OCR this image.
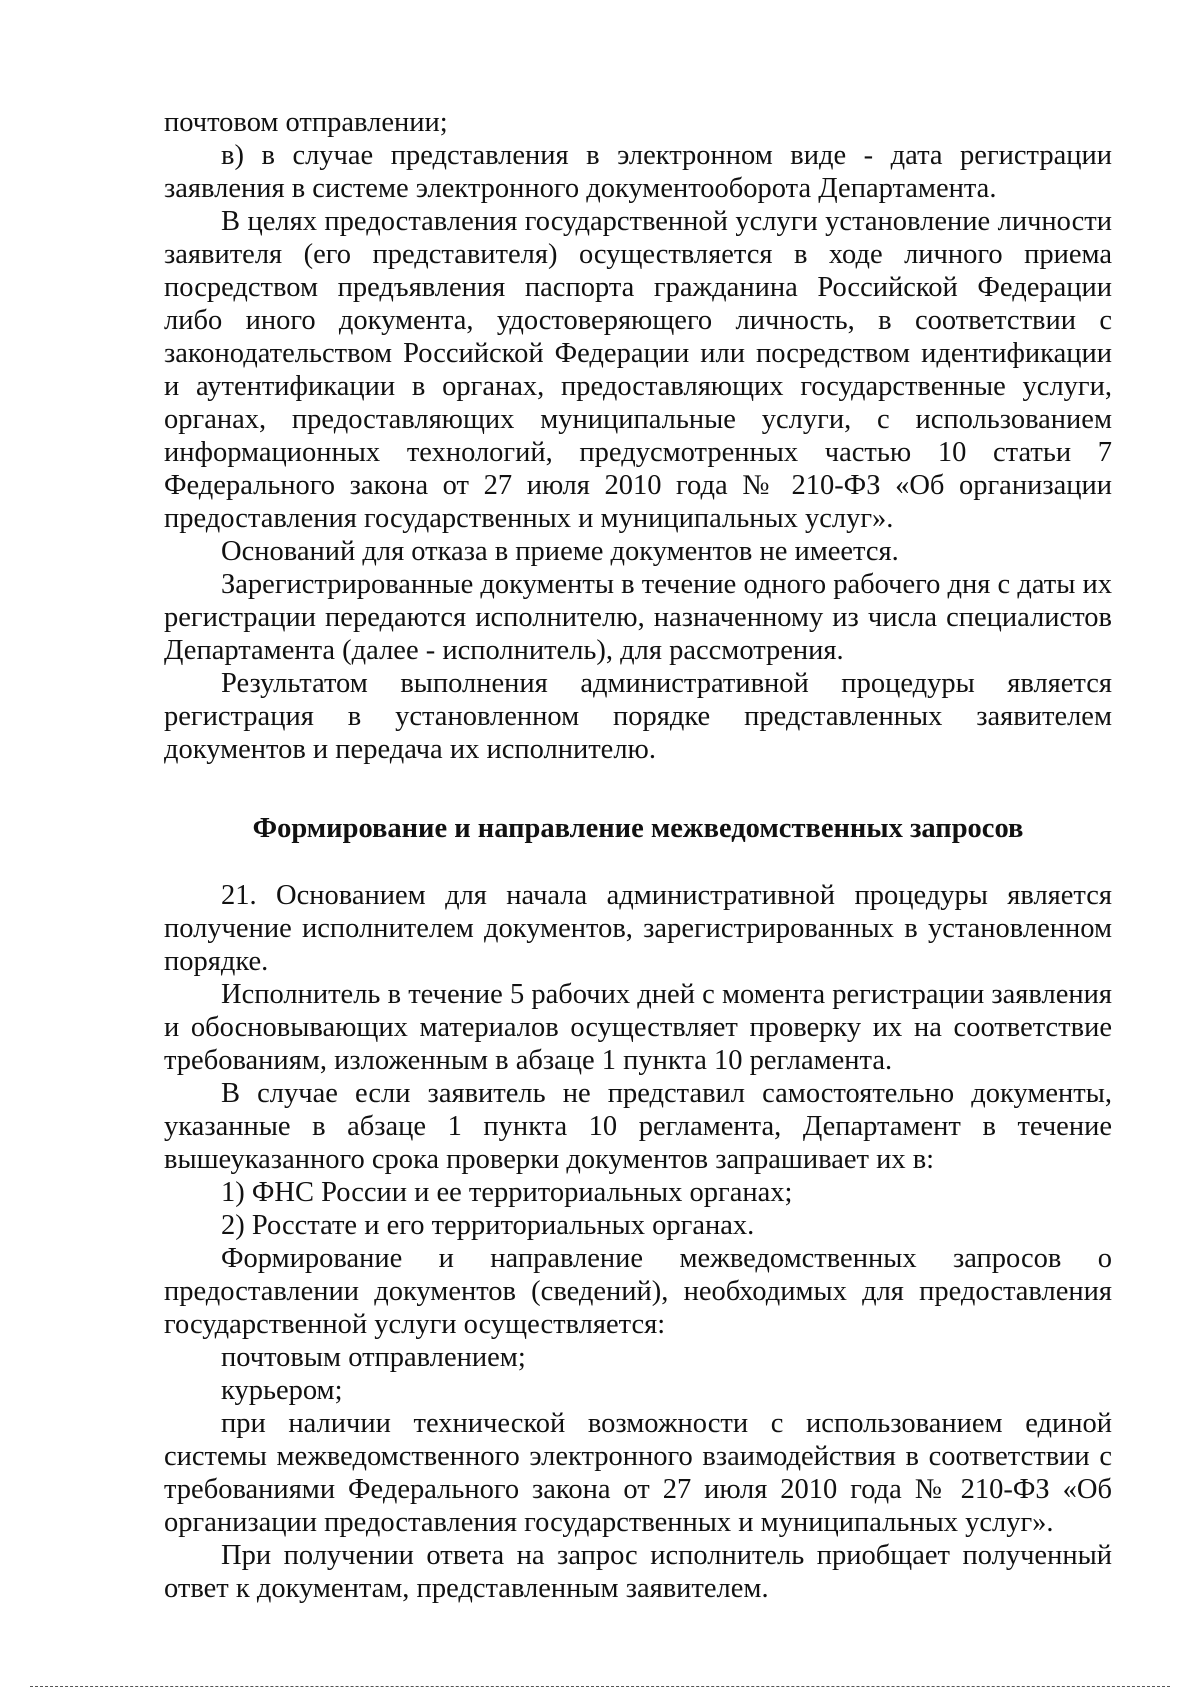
почтовом отправлении;

в) в случае представления в электронном виде - дата регистрации заявления в системе электронного документооборота Департамента.

В целях предоставления государственной услуги установление личности заявителя (его представителя) осуществляется в ходе личного приема посредством предъявления паспорта гражданина Российской Федерации либо иного документа, удостоверяющего личность, в соответствии с законодательством Российской Федерации или посредством идентификации и аутентификации в органах, предоставляющих государственные услуги, органах, предоставляющих муниципальные услуги, с использованием информационных технологий, предусмотренных частью 10 статьи 7 Федерального закона от 27 июля 2010 года № 210-ФЗ «Об организации предоставления государственных и муниципальных услуг».

Оснований для отказа в приеме документов не имеется.

Зарегистрированные документы в течение одного рабочего дня с даты их регистрации передаются исполнителю, назначенному из числа специалистов Департамента (далее - исполнитель), для рассмотрения.

Результатом выполнения административной процедуры является регистрация в установленном порядке представленных заявителем документов и передача их исполнителю.

Формирование и направление межведомственных запросов

21. Основанием для начала административной процедуры является получение исполнителем документов, зарегистрированных в установленном порядке.

Исполнитель в течение 5 рабочих дней с момента регистрации заявления и обосновывающих материалов осуществляет проверку их на соответствие требованиям, изложенным в абзаце 1 пункта 10 регламента.

В случае если заявитель не представил самостоятельно документы, указанные в абзаце 1 пункта 10 регламента, Департамент в течение вышеуказанного срока проверки документов запрашивает их в:

1) ФНС России и ее территориальных органах;

2) Росстате и его территориальных органах.

Формирование и направление межведомственных запросов о предоставлении документов (сведений), необходимых для предоставления государственной услуги осуществляется:

почтовым отправлением;

курьером;

при наличии технической возможности с использованием единой системы межведомственного электронного взаимодействия в соответствии с требованиями Федерального закона от 27 июля 2010 года № 210-ФЗ «Об организации предоставления государственных и муниципальных услуг».

При получении ответа на запрос исполнитель приобщает полученный ответ к документам, представленным заявителем.
